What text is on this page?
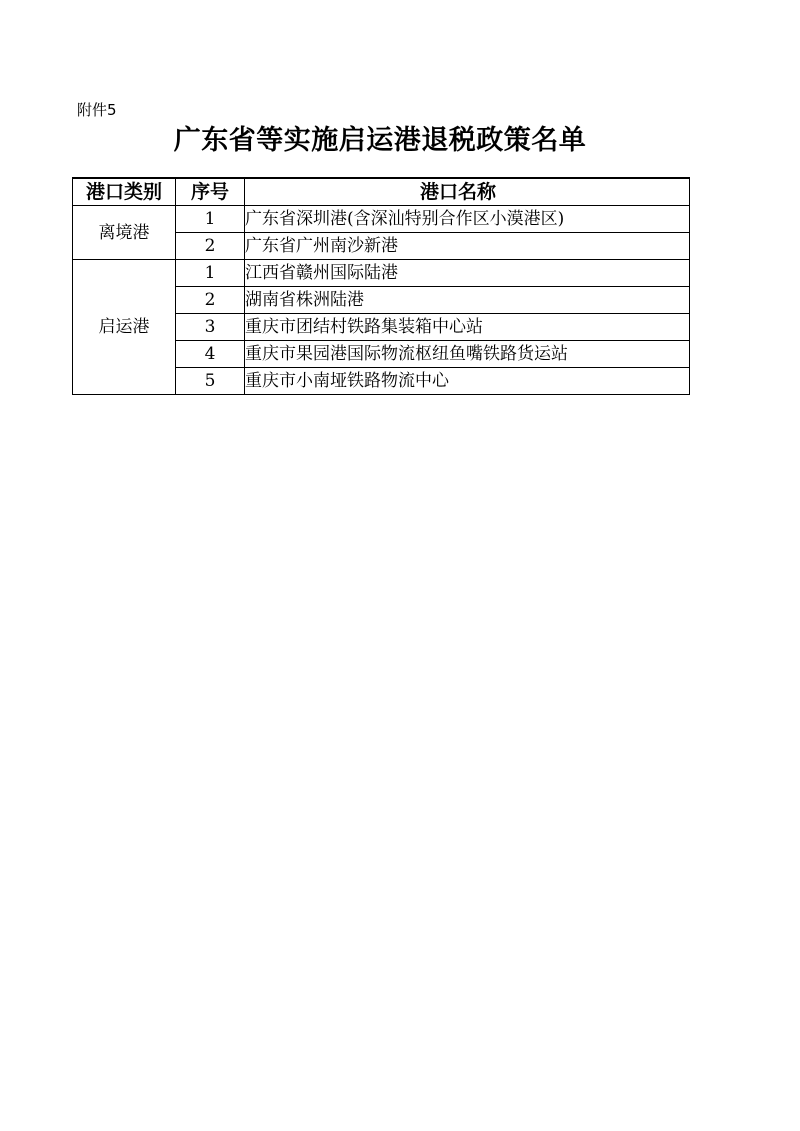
附件5
广东省等实施启运港退税政策名单
港口类别	序号	港口名称
离境港	1	广东省深圳港(含深汕特别合作区小漠港区)
	2	广东省广州南沙新港
启运港	1	江西省赣州国际陆港
	2	湖南省株洲陆港
	3	重庆市团结村铁路集装箱中心站
	4	重庆市果园港国际物流枢纽鱼嘴铁路货运站
	5	重庆市小南垭铁路物流中心
